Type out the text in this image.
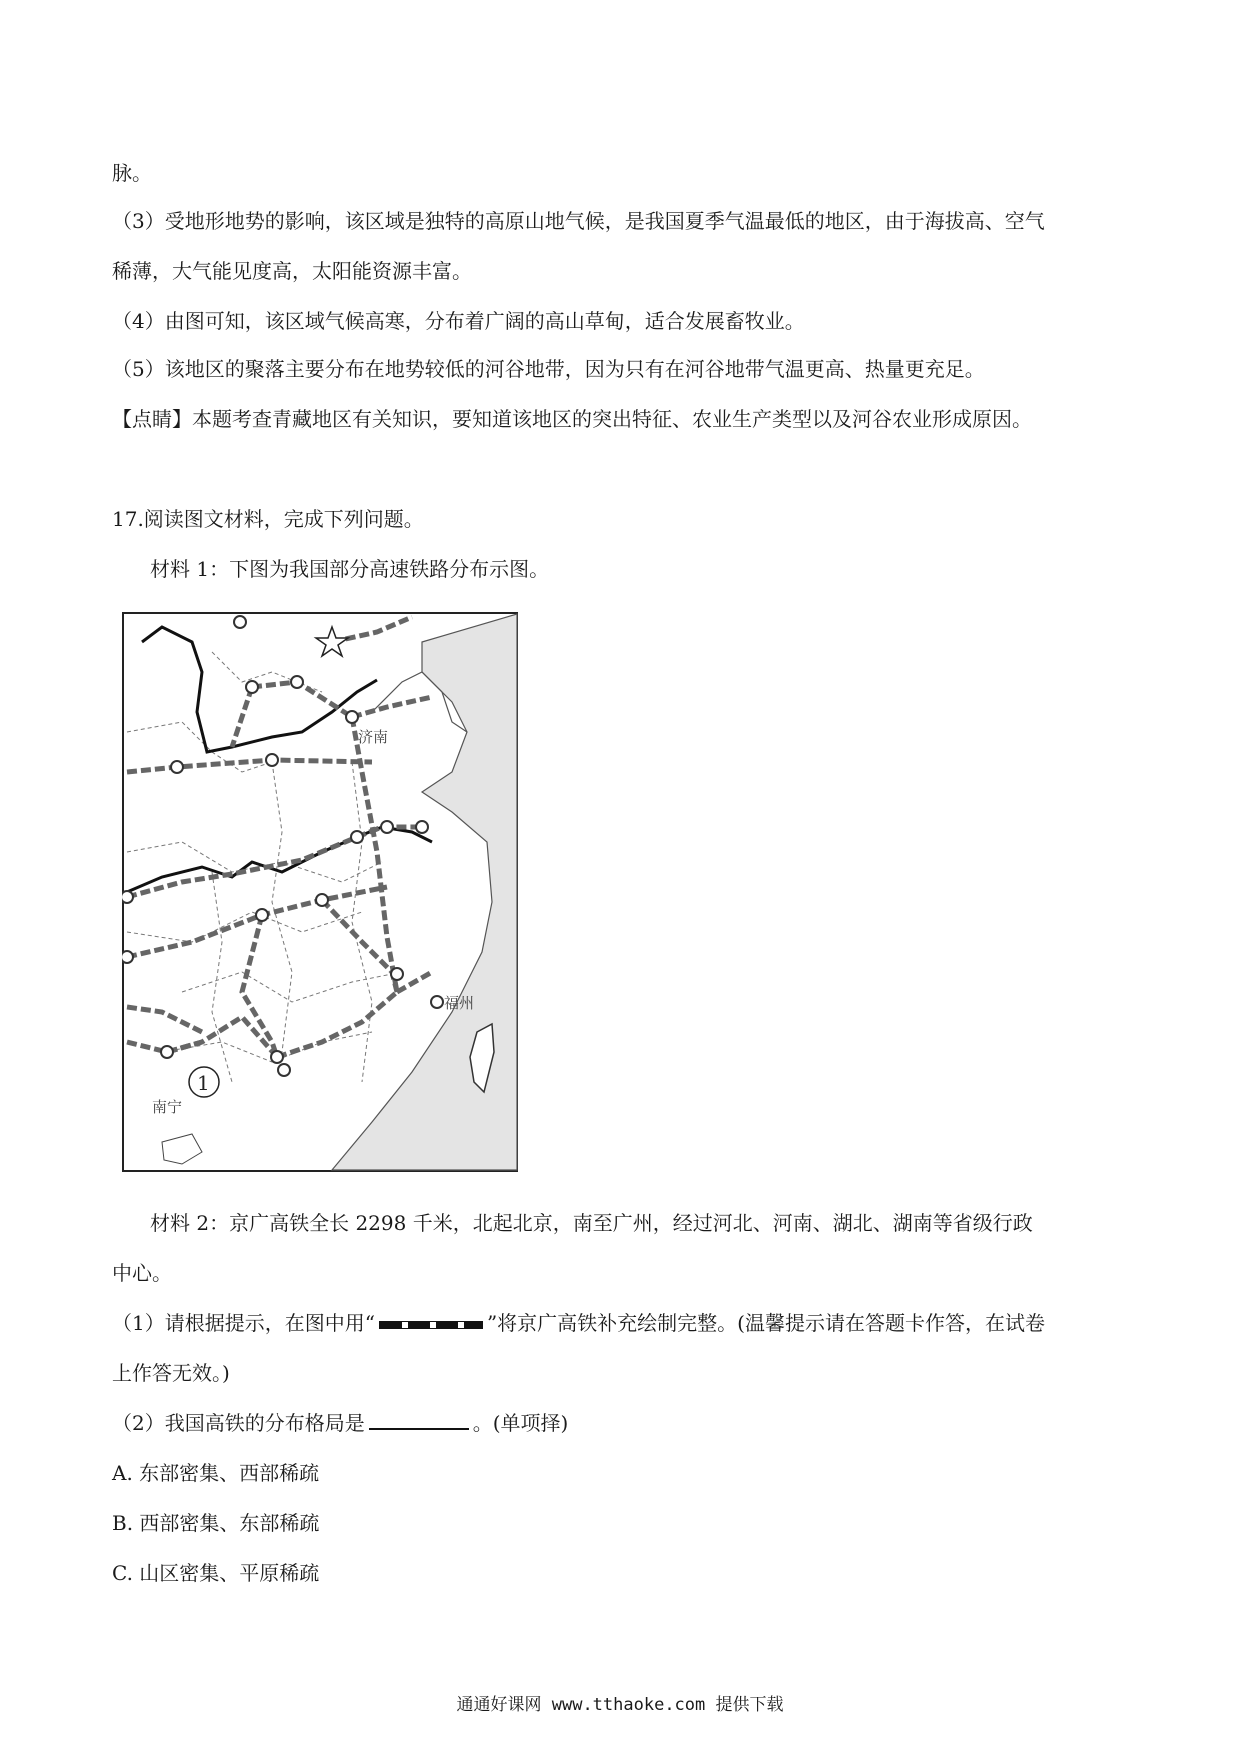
脉。
（3）受地形地势的影响，该区域是独特的高原山地气候，是我国夏季气温最低的地区，由于海拔高、空气
稀薄，大气能见度高，太阳能资源丰富。
（4）由图可知，该区域气候高寒，分布着广阔的高山草甸，适合发展畜牧业。
（5）该地区的聚落主要分布在地势较低的河谷地带，因为只有在河谷地带气温更高、热量更充足。
【点睛】本题考查青藏地区有关知识，要知道该地区的突出特征、农业生产类型以及河谷农业形成原因。
17.阅读图文材料，完成下列问题。
材料 1：下图为我国部分高速铁路分布示图。
济南
福州
南宁
1
材料 2：京广高铁全长 2298 千米，北起北京，南至广州，经过河北、河南、湖北、湖南等省级行政
中心。
（1）请根据提示，在图中用“	”将京广高铁补充绘制完整。(温馨提示请在答题卡作答，在试卷
上作答无效。)
（2）我国高铁的分布格局是	。(单项择)
A. 东部密集、西部稀疏
B. 西部密集、东部稀疏
C. 山区密集、平原稀疏
通通好课网 www.tthaoke.com 提供下载
